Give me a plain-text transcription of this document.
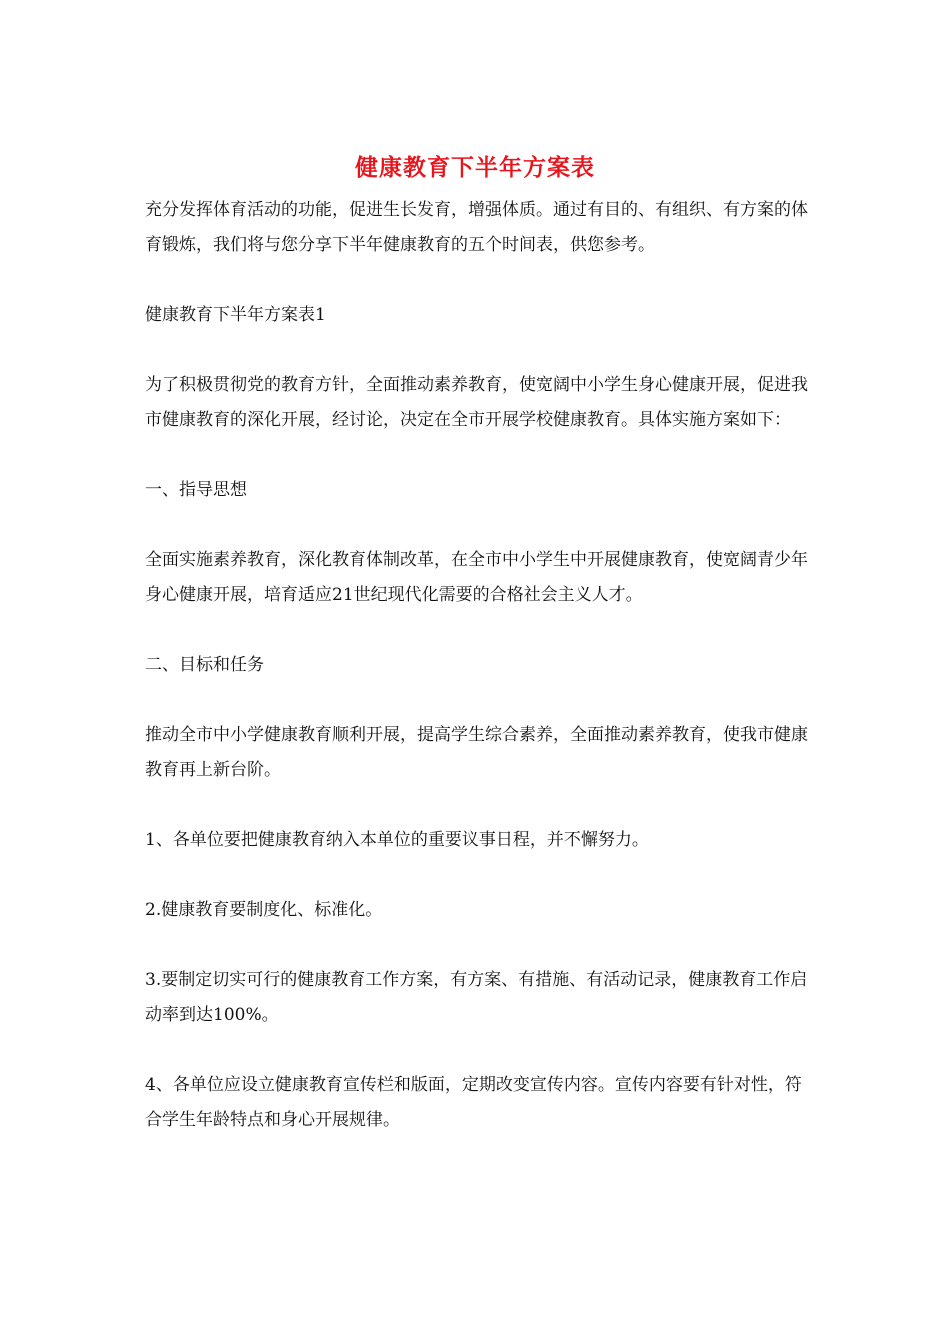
健康教育下半年方案表

充分发挥体育活动的功能，促进生长发育，增强体质。通过有目的、有组织、有方案的体育锻炼，我们将与您分享下半年健康教育的五个时间表，供您参考。

健康教育下半年方案表1

为了积极贯彻党的教育方针，全面推动素养教育，使宽阔中小学生身心健康开展，促进我市健康教育的深化开展，经讨论，决定在全市开展学校健康教育。具体实施方案如下：

一、指导思想

全面实施素养教育，深化教育体制改革，在全市中小学生中开展健康教育，使宽阔青少年身心健康开展，培育适应21世纪现代化需要的合格社会主义人才。

二、目标和任务

推动全市中小学健康教育顺利开展，提高学生综合素养，全面推动素养教育，使我市健康教育再上新台阶。

1、各单位要把健康教育纳入本单位的重要议事日程，并不懈努力。

2.健康教育要制度化、标准化。

3.要制定切实可行的健康教育工作方案，有方案、有措施、有活动记录，健康教育工作启动率到达100%。

4、各单位应设立健康教育宣传栏和版面，定期改变宣传内容。宣传内容要有针对性，符合学生年龄特点和身心开展规律。
